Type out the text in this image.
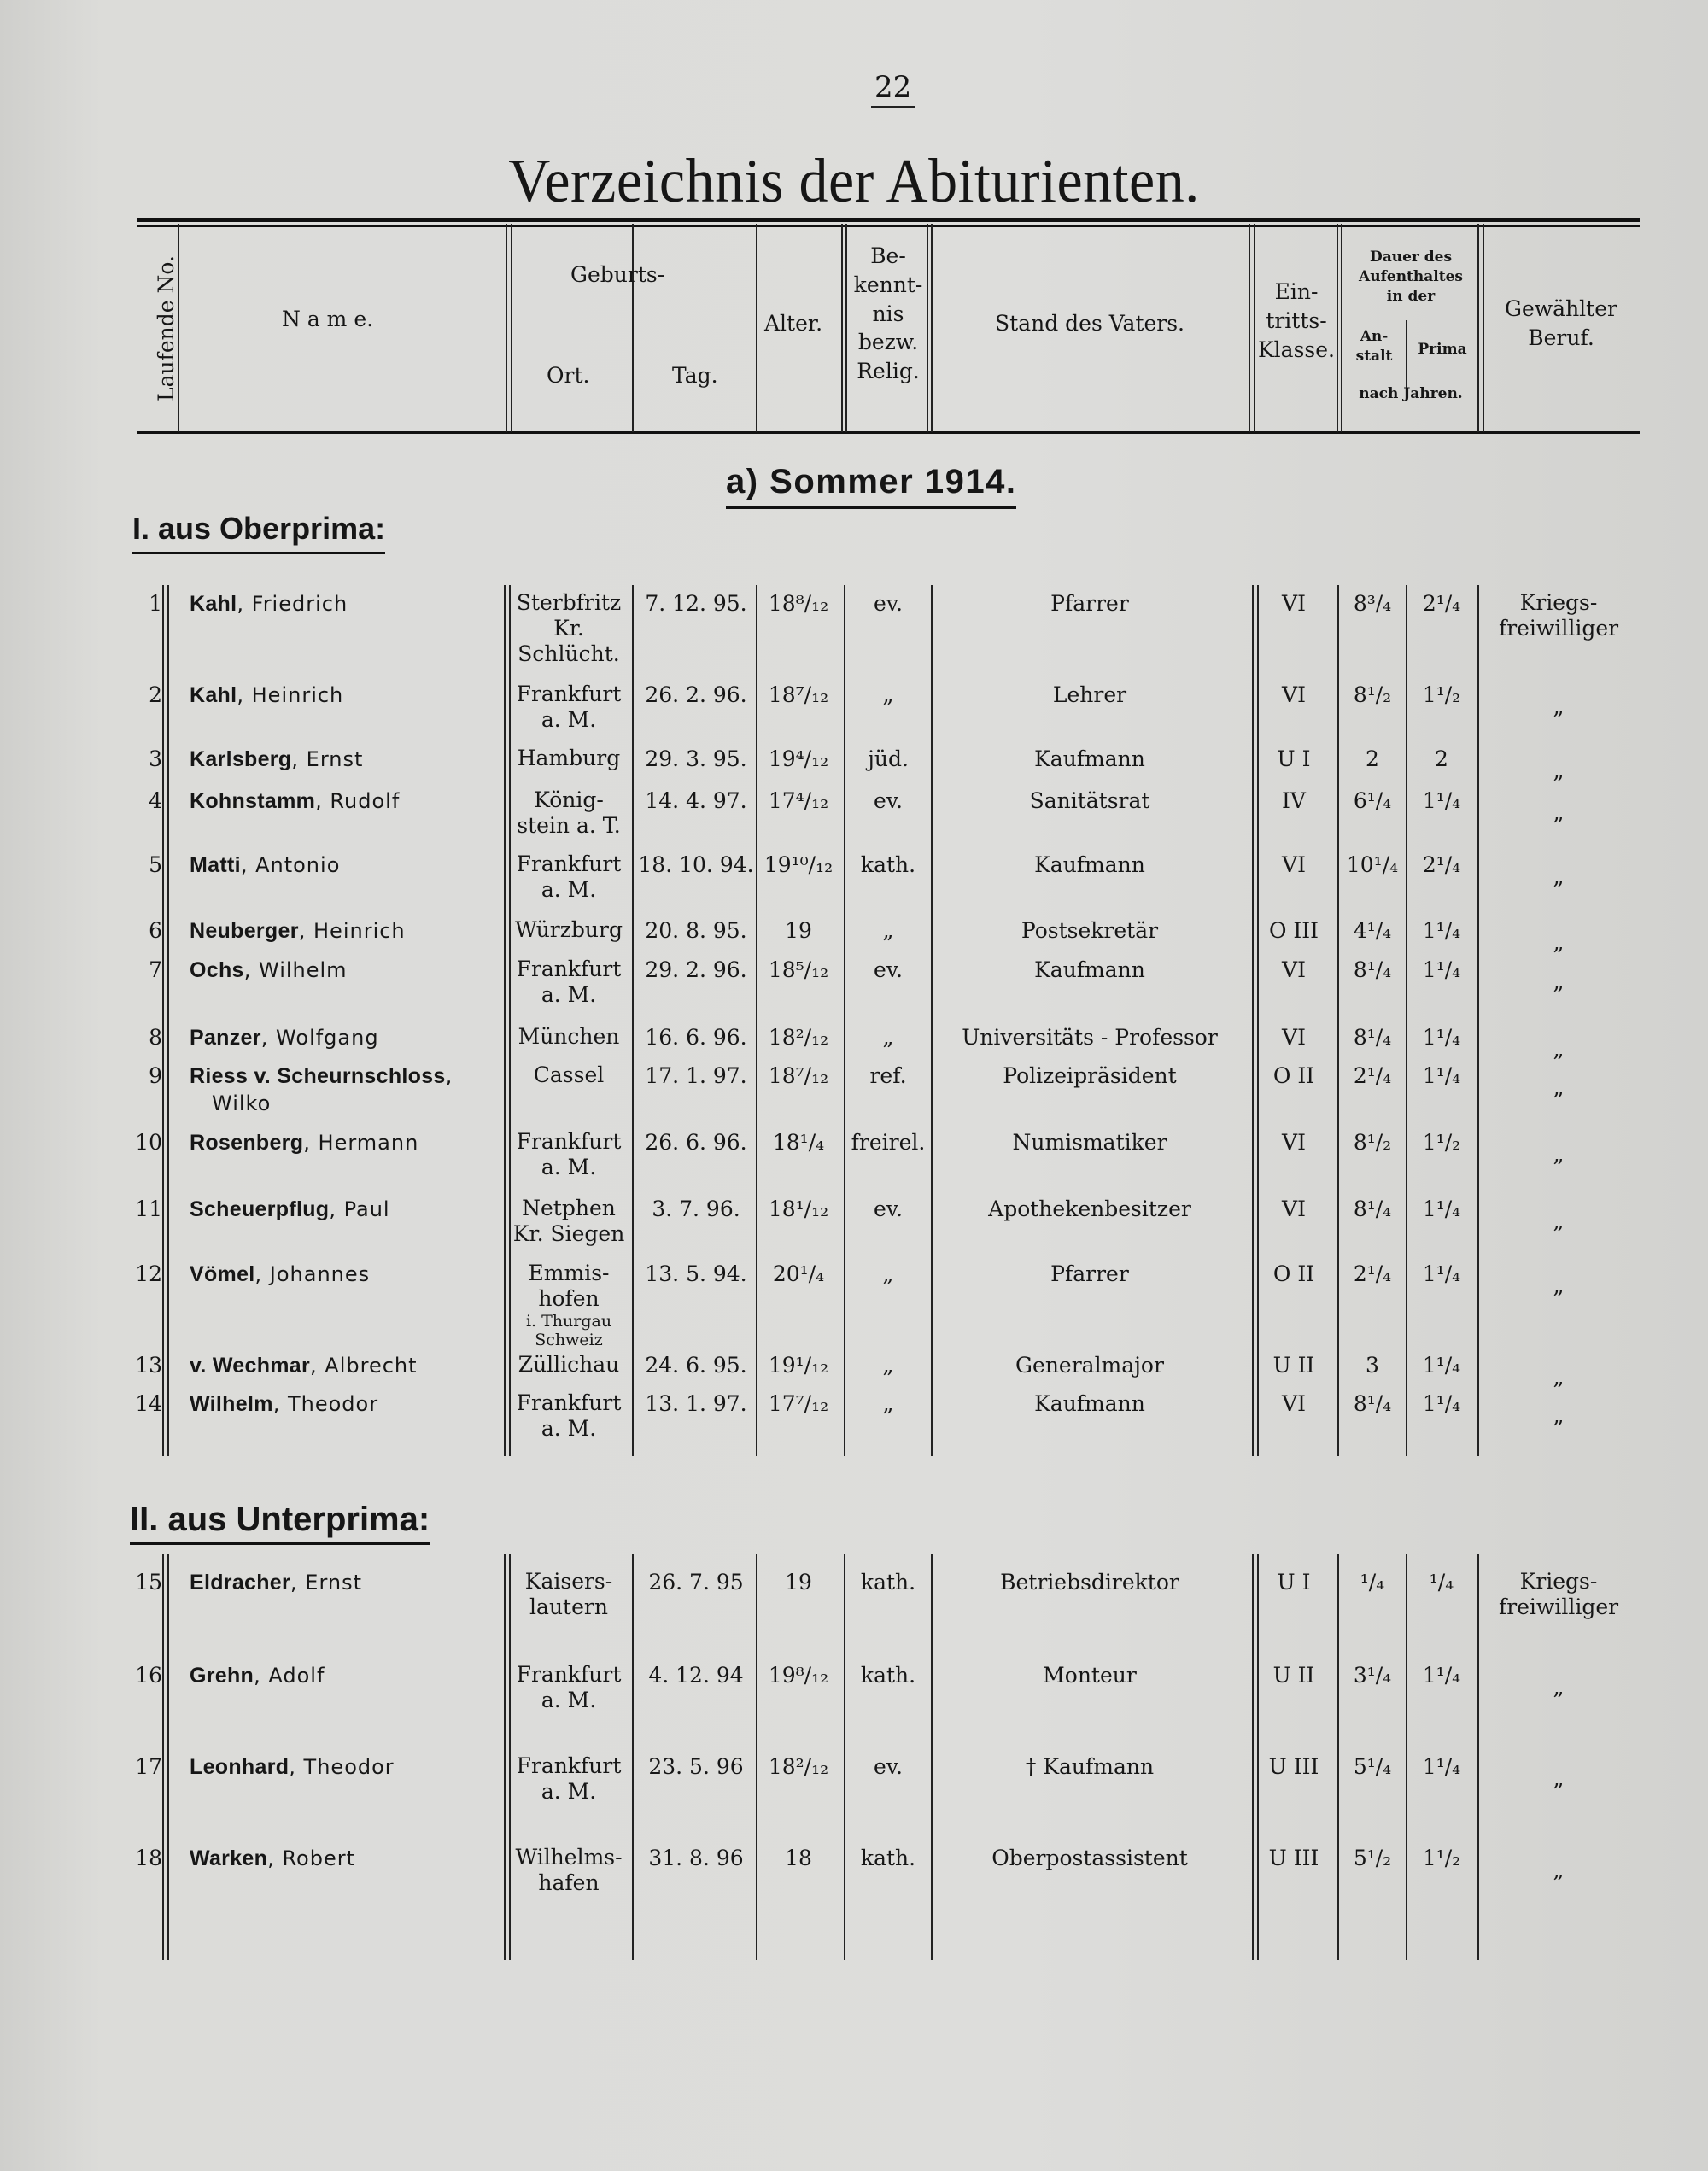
22
Verzeichnis der Abiturienten.
Laufende No.	N a m e.
Geburts-
Ort.	Tag.
Alter.
Be-
kennt-
nis
bezw.
Relig.
Stand des Vaters.
Ein-
tritts-
Klasse.
Dauer des
Aufenthaltes
in der
An-
stalt	Prima
nach Jahren.
Gewählter
Beruf.
a) Sommer 1914.
I. aus Oberprima:
II. aus Unterprima:
1 Kahl, Friedrich	Sterbfritz
Kr.
Schlücht.
7. 12. 95.	18⁸/₁₂	ev.	Pfarrer	VI	8³/₄	2¹/₄	Kriegs-freiwilliger
2 Kahl, Heinrich	Frankfurt
a. M.
26. 2. 96.	18⁷/₁₂	„	Lehrer	VI	8¹/₂	1¹/₂	„
3 Karlsberg, Ernst	Hamburg	29. 3. 95.	19⁴/₁₂	jüd.	Kaufmann	U I	2	2	„
4 Kohnstamm, Rudolf	König-
stein a. T.
14. 4. 97.	17⁴/₁₂	ev.	Sanitätsrat	IV	6¹/₄	1¹/₄	„
5 Matti, Antonio	Frankfurt
a. M.
18. 10. 94. 19¹⁰/₁₂	kath.	Kaufmann	VI	10¹/₄	2¹/₄	„
6 Neuberger, Heinrich	Würzburg	20. 8. 95.	19	„	Postsekretär	O III	4¹/₄	1¹/₄	„
7 Ochs, Wilhelm	Frankfurt
a. M.
29. 2. 96.	18⁵/₁₂	ev.	Kaufmann	VI	8¹/₄	1¹/₄	„
8 Panzer, Wolfgang	München	16. 6. 96.	18²/₁₂	„	Universitäts - Professor	VI	8¹/₄	1¹/₄	„
9 Riess v. Scheurnschloss,
Wilko
Cassel	17. 1. 97.	18⁷/₁₂	ref.	Polizeipräsident	O II	2¹/₄	1¹/₄	„
10 Rosenberg, Hermann	Frankfurt
a. M.
26. 6. 96.	18¹/₄	freirel.	Numismatiker	VI	8¹/₂	1¹/₂	„
11 Scheuerpflug, Paul	Netphen
Kr. Siegen
3. 7. 96.	18¹/₁₂	ev.	Apothekenbesitzer	VI	8¹/₄	1¹/₄	„
12 Vömel, Johannes	Emmis-
hofen
i. Thurgau
Schweiz
13. 5. 94.	20¹/₄	„	Pfarrer	O II	2¹/₄	1¹/₄	„
13 v. Wechmar, Albrecht	Züllichau	24. 6. 95.	19¹/₁₂	„	Generalmajor	U II	3	1¹/₄	„
14 Wilhelm, Theodor	Frankfurt
a. M.
13. 1. 97.	17⁷/₁₂	„	Kaufmann	VI	8¹/₄	1¹/₄	„
15 Eldracher, Ernst	Kaisers-
lautern
26. 7. 95	19	kath.	Betriebsdirektor	U I	¹/₄	¹/₄	Kriegs-freiwilliger
16 Grehn, Adolf	Frankfurt
a. M.
4. 12. 94	19⁸/₁₂	kath.	Monteur	U II	3¹/₄	1¹/₄	„
17 Leonhard, Theodor	Frankfurt
a. M.
23. 5. 96	18²/₁₂	ev.	† Kaufmann	U III	5¹/₄	1¹/₄	„
18 Warken, Robert	Wilhelms-
hafen
31. 8. 96	18	kath.	Oberpostassistent	U III	5¹/₂	1¹/₂	„
